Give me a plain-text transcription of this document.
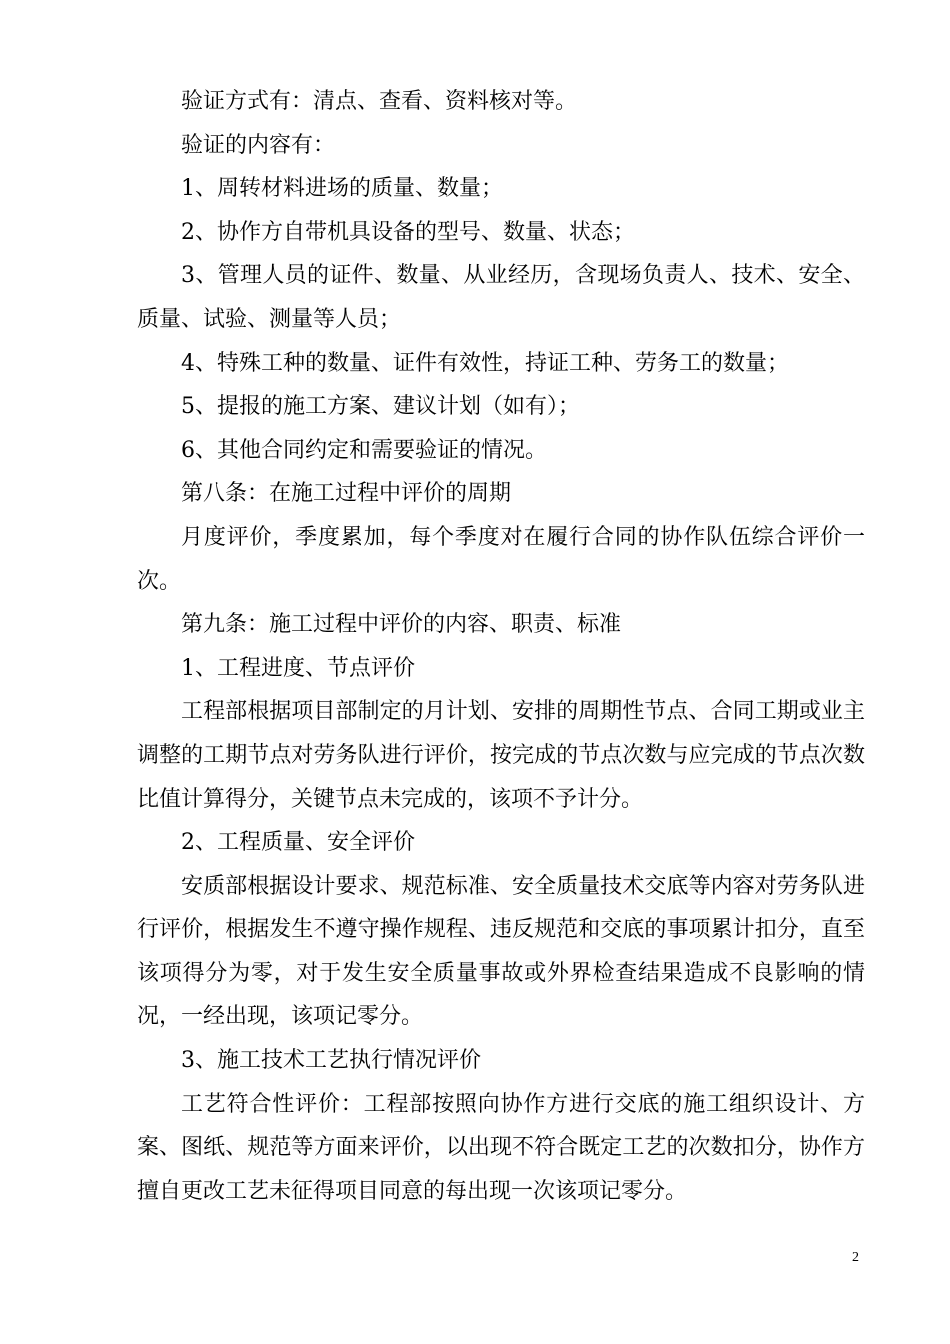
验证方式有：清点、查看、资料核对等。

验证的内容有：

1、周转材料进场的质量、数量；

2、协作方自带机具设备的型号、数量、状态；

3、管理人员的证件、数量、从业经历，含现场负责人、技术、安全、质量、试验、测量等人员；

4、特殊工种的数量、证件有效性，持证工种、劳务工的数量；

5、提报的施工方案、建议计划（如有）；

6、其他合同约定和需要验证的情况。

第八条：在施工过程中评价的周期

月度评价，季度累加，每个季度对在履行合同的协作队伍综合评价一次。

第九条：施工过程中评价的内容、职责、标准

1、工程进度、节点评价

工程部根据项目部制定的月计划、安排的周期性节点、合同工期或业主调整的工期节点对劳务队进行评价，按完成的节点次数与应完成的节点次数比值计算得分，关键节点未完成的，该项不予计分。

2、工程质量、安全评价

安质部根据设计要求、规范标准、安全质量技术交底等内容对劳务队进行评价，根据发生不遵守操作规程、违反规范和交底的事项累计扣分，直至该项得分为零，对于发生安全质量事故或外界检查结果造成不良影响的情况，一经出现，该项记零分。

3、施工技术工艺执行情况评价

工艺符合性评价：工程部按照向协作方进行交底的施工组织设计、方案、图纸、规范等方面来评价，以出现不符合既定工艺的次数扣分，协作方擅自更改工艺未征得项目同意的每出现一次该项记零分。

2
